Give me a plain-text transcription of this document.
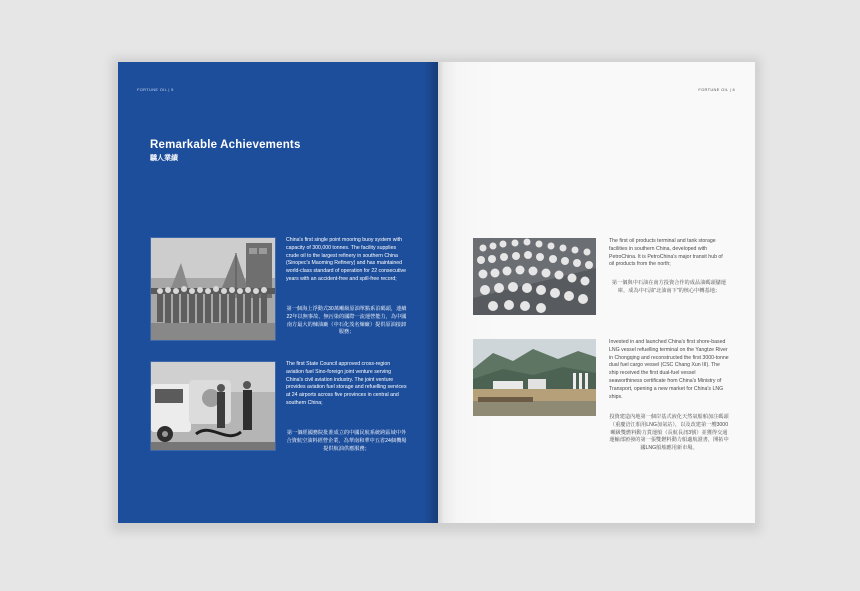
FORTUNE OIL | 5
Remarkable Achievements
驕人業績
China's first single point mooring buoy system with capacity of 300,000 tonnes. The facility supplies crude oil to the largest refinery in southern China (Sinopec's Maoming Refinery) and has maintained world-class standard of operation for 22 consecutive years with an accident-free and spill-free record;
第一個海上浮動式30萬噸級原油單點系泊碼頭，連續22年以無事故、無污染的國際一流運營能力，為中國南方最大的煉油廠（中石化茂名煉廠）提供原油接卸服務；
The first State Council approved cross-region aviation fuel Sino-foreign joint venture serving China's civil aviation industry. The joint venture provides aviation fuel storage and refuelling services at 24 airports across five provinces in central and southern China;
第一個經國務院批准成立的中國民航系統跨區域中外合資航空油料經營企業，為華南和華中五省24個機場提供航油供應服務；
FORTUNE OIL | 6
The first oil products terminal and tank storage facilities in southern China, developed with PetroChina. It is PetroChina's major transit hub of oil products from the north;
第一個與中石油在南方投資合作的成品油碼頭儲運庫，成為中石油"北油南下"的核心中轉基地；
Invested in and launched China's first shore-based LNG vessel refuelling terminal on the Yangtze River in Chongqing and reconstructed the first 3000-tonne dual fuel cargo vessel (CSC Chang Xun III). The ship received the first dual-fuel vessel seaworthiness certificate from China's Ministry of Transport, opening a new market for China's LNG ships.
投資建造內地第一個岸基式液化天然氣船舶加注碼頭（重慶涪江船用LNG加氣站），以及改建第一艘3000噸級雙燃料動力貨運船（長航長訊3號）並獲得交通運輸部頒發的第一張雙燃料動力船適航證書，開拓中國LNG船舶應用新市場。
